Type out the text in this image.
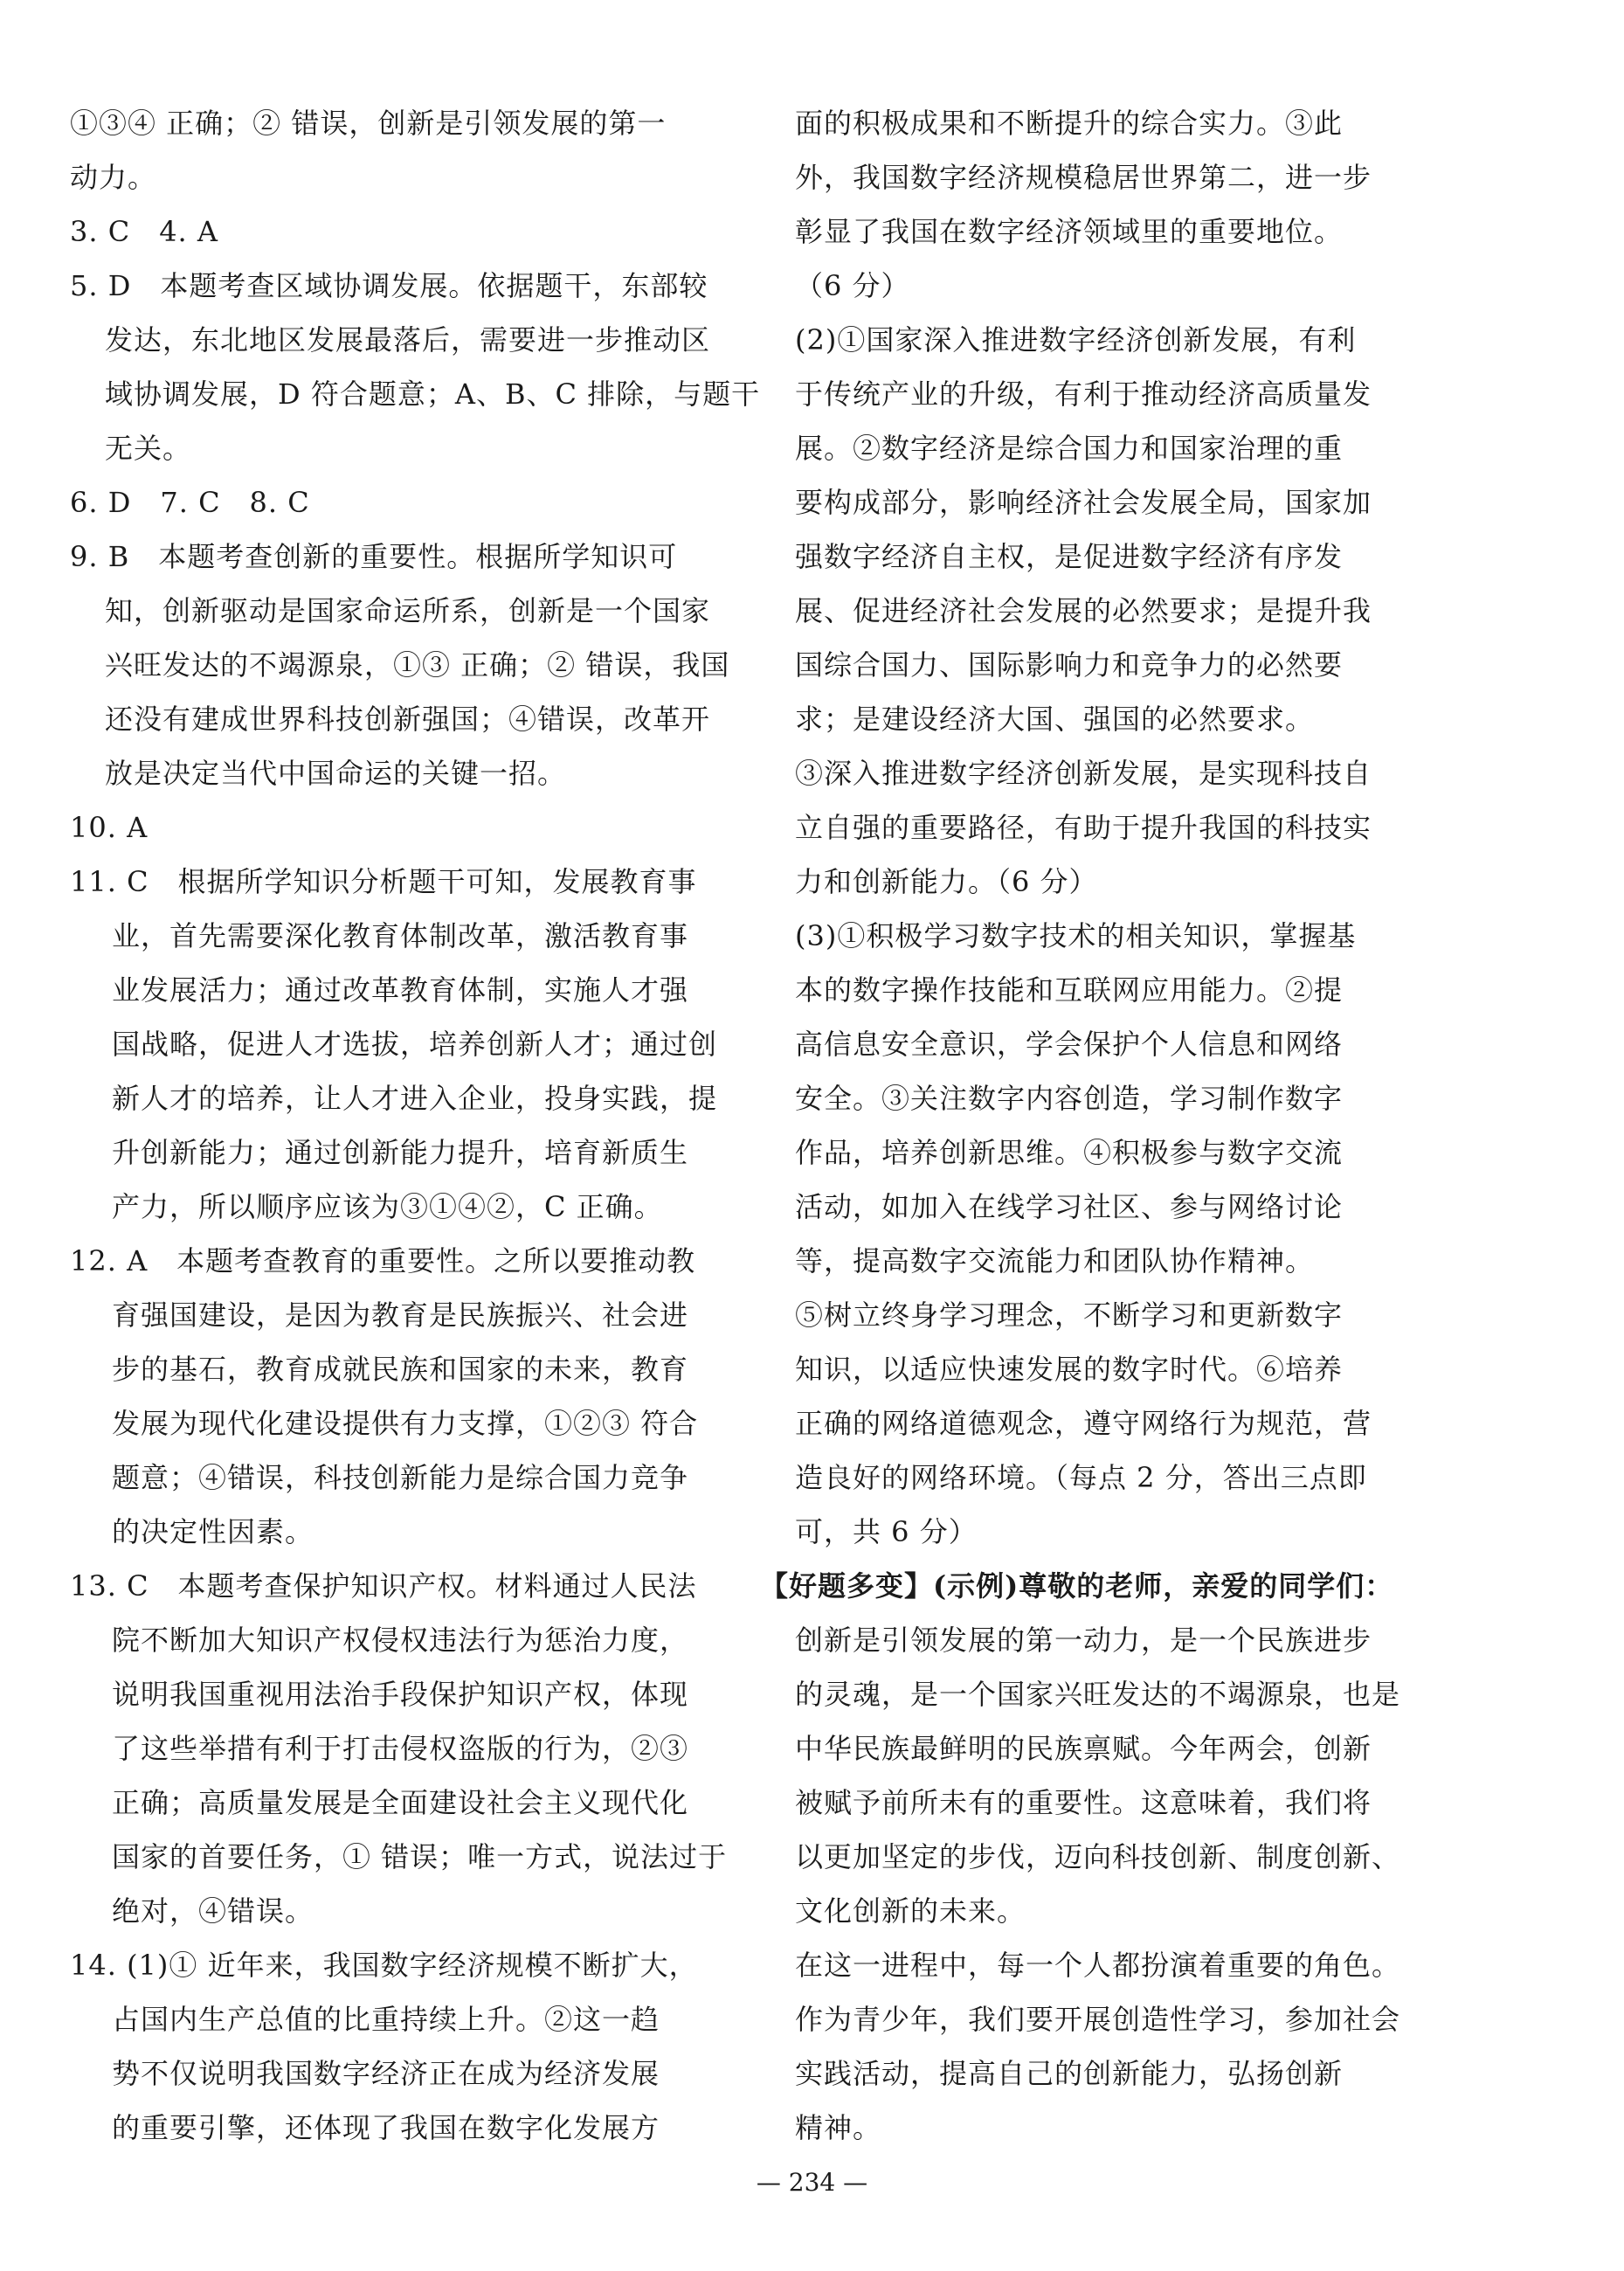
①③④ 正确；② 错误，创新是引领发展的第一
动力。
3. C　4. A
5. D　本题考查区域协调发展。依据题干，东部较
发达，东北地区发展最落后，需要进一步推动区
域协调发展，D 符合题意；A、B、C 排除，与题干
无关。
6. D　7. C　8. C
9. B　本题考查创新的重要性。根据所学知识可
知，创新驱动是国家命运所系，创新是一个国家
兴旺发达的不竭源泉，①③ 正确；② 错误，我国
还没有建成世界科技创新强国；④错误，改革开
放是决定当代中国命运的关键一招。
10. A
11. C　根据所学知识分析题干可知，发展教育事
业，首先需要深化教育体制改革，激活教育事
业发展活力；通过改革教育体制，实施人才强
国战略，促进人才选拔，培养创新人才；通过创
新人才的培养，让人才进入企业，投身实践，提
升创新能力；通过创新能力提升，培育新质生
产力，所以顺序应该为③①④②，C 正确。
12. A　本题考查教育的重要性。之所以要推动教
育强国建设，是因为教育是民族振兴、社会进
步的基石，教育成就民族和国家的未来，教育
发展为现代化建设提供有力支撑，①②③ 符合
题意；④错误，科技创新能力是综合国力竞争
的决定性因素。
13. C　本题考查保护知识产权。材料通过人民法
院不断加大知识产权侵权违法行为惩治力度，
说明我国重视用法治手段保护知识产权，体现
了这些举措有利于打击侵权盗版的行为，②③
正确；高质量发展是全面建设社会主义现代化
国家的首要任务，① 错误；唯一方式，说法过于
绝对，④错误。
14. (1)① 近年来，我国数字经济规模不断扩大，
占国内生产总值的比重持续上升。②这一趋
势不仅说明我国数字经济正在成为经济发展
的重要引擎，还体现了我国在数字化发展方
面的积极成果和不断提升的综合实力。③此
外，我国数字经济规模稳居世界第二，进一步
彰显了我国在数字经济领域里的重要地位。
（6 分）
(2)①国家深入推进数字经济创新发展，有利
于传统产业的升级，有利于推动经济高质量发
展。②数字经济是综合国力和国家治理的重
要构成部分，影响经济社会发展全局，国家加
强数字经济自主权，是促进数字经济有序发
展、促进经济社会发展的必然要求；是提升我
国综合国力、国际影响力和竞争力的必然要
求；是建设经济大国、强国的必然要求。
③深入推进数字经济创新发展，是实现科技自
立自强的重要路径，有助于提升我国的科技实
力和创新能力。（6 分）
(3)①积极学习数字技术的相关知识，掌握基
本的数字操作技能和互联网应用能力。②提
高信息安全意识，学会保护个人信息和网络
安全。③关注数字内容创造，学习制作数字
作品，培养创新思维。④积极参与数字交流
活动，如加入在线学习社区、参与网络讨论
等，提高数字交流能力和团队协作精神。
⑤树立终身学习理念，不断学习和更新数字
知识，以适应快速发展的数字时代。⑥培养
正确的网络道德观念，遵守网络行为规范，营
造良好的网络环境。（每点 2 分，答出三点即
可，共 6 分）
【好题多变】(示例)尊敬的老师，亲爱的同学们：
创新是引领发展的第一动力，是一个民族进步
的灵魂，是一个国家兴旺发达的不竭源泉，也是
中华民族最鲜明的民族禀赋。今年两会，创新
被赋予前所未有的重要性。这意味着，我们将
以更加坚定的步伐，迈向科技创新、制度创新、
文化创新的未来。
在这一进程中，每一个人都扮演着重要的角色。
作为青少年，我们要开展创造性学习，参加社会
实践活动，提高自己的创新能力，弘扬创新
精神。
— 234 —
